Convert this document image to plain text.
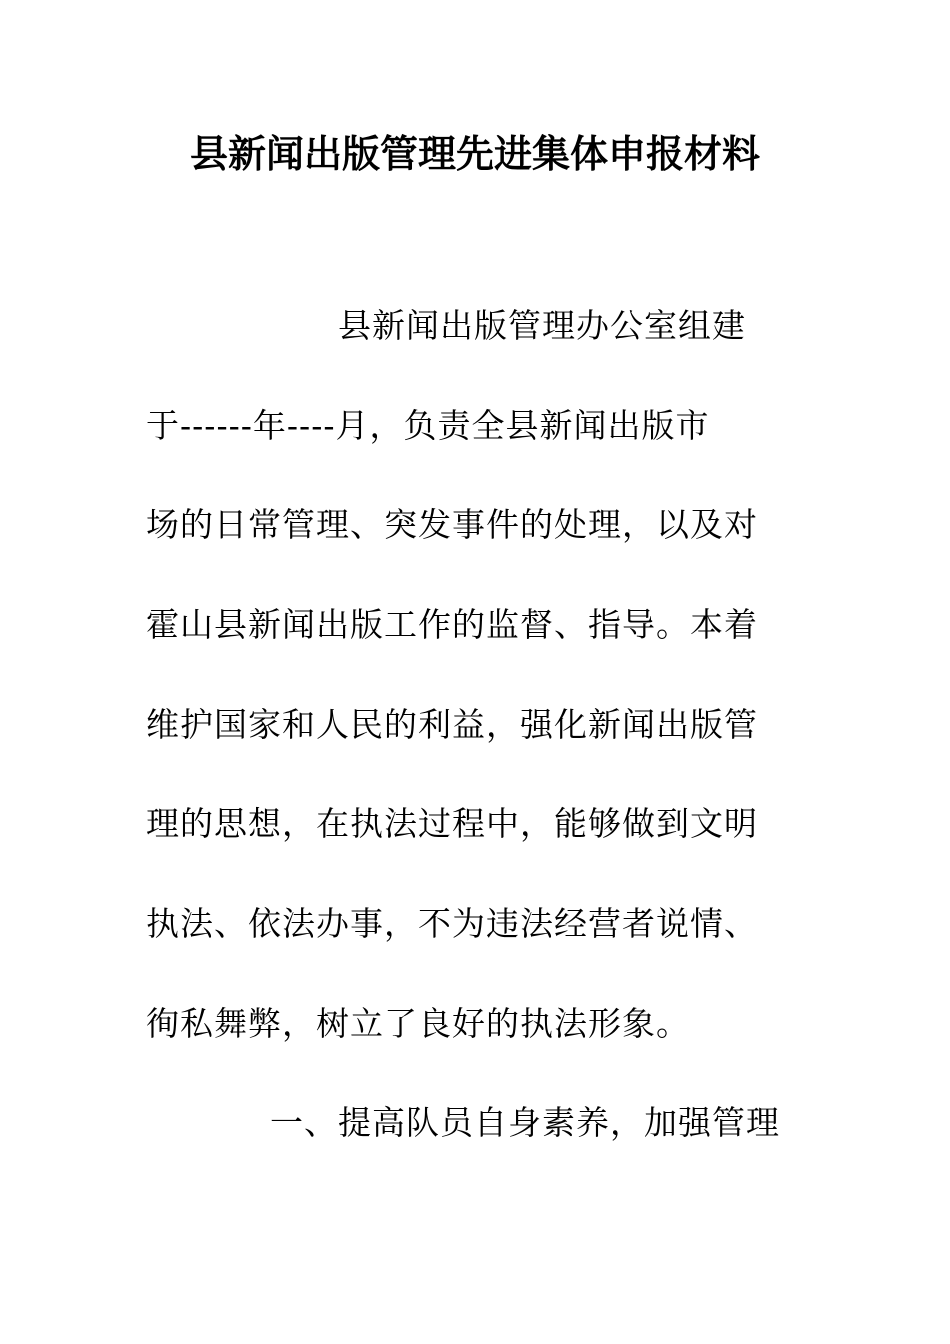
县新闻出版管理先进集体申报材料
县新闻出版管理办公室组建
于------年----月，负责全县新闻出版市
场的日常管理、突发事件的处理，以及对
霍山县新闻出版工作的监督、指导。本着
维护国家和人民的利益，强化新闻出版管
理的思想，在执法过程中，能够做到文明
执法、依法办事，不为违法经营者说情、
徇私舞弊，树立了良好的执法形象。
一、提高队员自身素养，加强管理
